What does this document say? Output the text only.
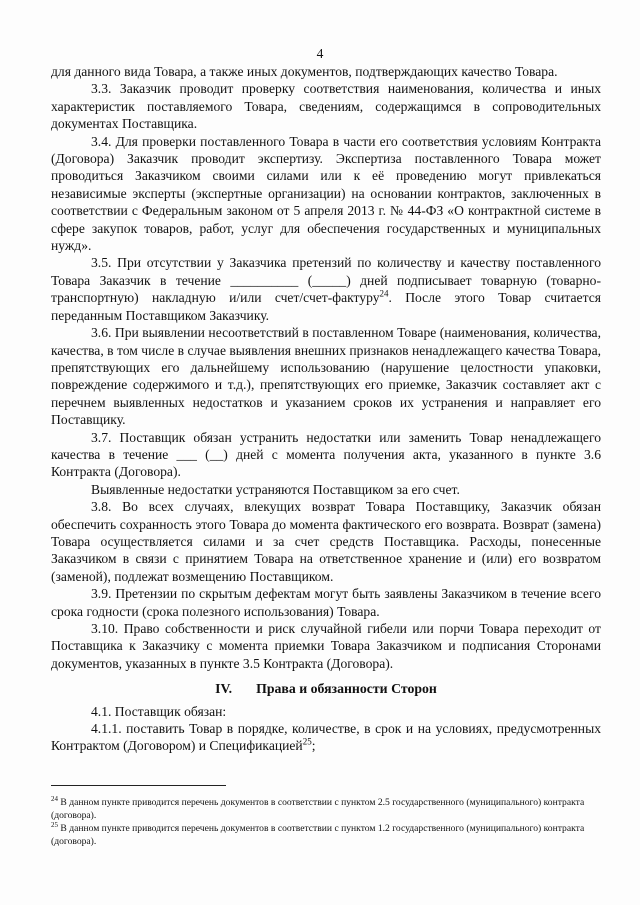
4

для данного вида Товара, а также иных документов, подтверждающих качество Товара.

3.3. Заказчик проводит проверку соответствия наименования, количества и иных характеристик поставляемого Товара, сведениям, содержащимся в сопроводительных документах Поставщика.

3.4. Для проверки поставленного Товара в части его соответствия условиям Контракта (Договора) Заказчик проводит экспертизу. Экспертиза поставленного Товара может проводиться Заказчиком своими силами или к её проведению могут привлекаться независимые эксперты (экспертные организации) на основании контрактов, заключенных в соответствии с Федеральным законом от 5 апреля 2013 г. № 44-ФЗ «О контрактной системе в сфере закупок товаров, работ, услуг для обеспечения государственных и муниципальных нужд».

3.5. При отсутствии у Заказчика претензий по количеству и качеству поставленного Товара Заказчик в течение __________ (_____) дней подписывает товарную (товарно-транспортную) накладную и/или счет/счет-фактуру$^{24}$. После этого Товар считается переданным Поставщиком Заказчику.

3.6. При выявлении несоответствий в поставленном Товаре (наименования, количества, качества, в том числе в случае выявления внешних признаков ненадлежащего качества Товара, препятствующих его дальнейшему использованию (нарушение целостности упаковки, повреждение содержимого и т.д.), препятствующих его приемке, Заказчик составляет акт с перечнем выявленных недостатков и указанием сроков их устранения и направляет его Поставщику.

3.7. Поставщик обязан устранить недостатки или заменить Товар ненадлежащего качества в течение ___ (__) дней с момента получения акта, указанного в пункте 3.6 Контракта (Договора).

Выявленные недостатки устраняются Поставщиком за его счет.

3.8. Во всех случаях, влекущих возврат Товара Поставщику, Заказчик обязан обеспечить сохранность этого Товара до момента фактического его возврата. Возврат (замена) Товара осуществляется силами и за счет средств Поставщика. Расходы, понесенные Заказчиком в связи с принятием Товара на ответственное хранение и (или) его возвратом (заменой), подлежат возмещению Поставщиком.

3.9. Претензии по скрытым дефектам могут быть заявлены Заказчиком в течение всего срока годности (срока полезного использования) Товара.

3.10. Право собственности и риск случайной гибели или порчи Товара переходит от Поставщика к Заказчику с момента приемки Товара Заказчиком и подписания Сторонами документов, указанных в пункте 3.5 Контракта (Договора).

IV. Права и обязанности Сторон

4.1. Поставщик обязан:

4.1.1. поставить Товар в порядке, количестве, в срок и на условиях, предусмотренных Контрактом (Договором) и Спецификацией$^{25}$;

$^{24}$ В данном пункте приводится перечень документов в соответствии с пунктом 2.5 государственного (муниципального) контракта (договора).

$^{25}$ В данном пункте приводится перечень документов в соответствии с пунктом 1.2 государственного (муниципального) контракта (договора).
